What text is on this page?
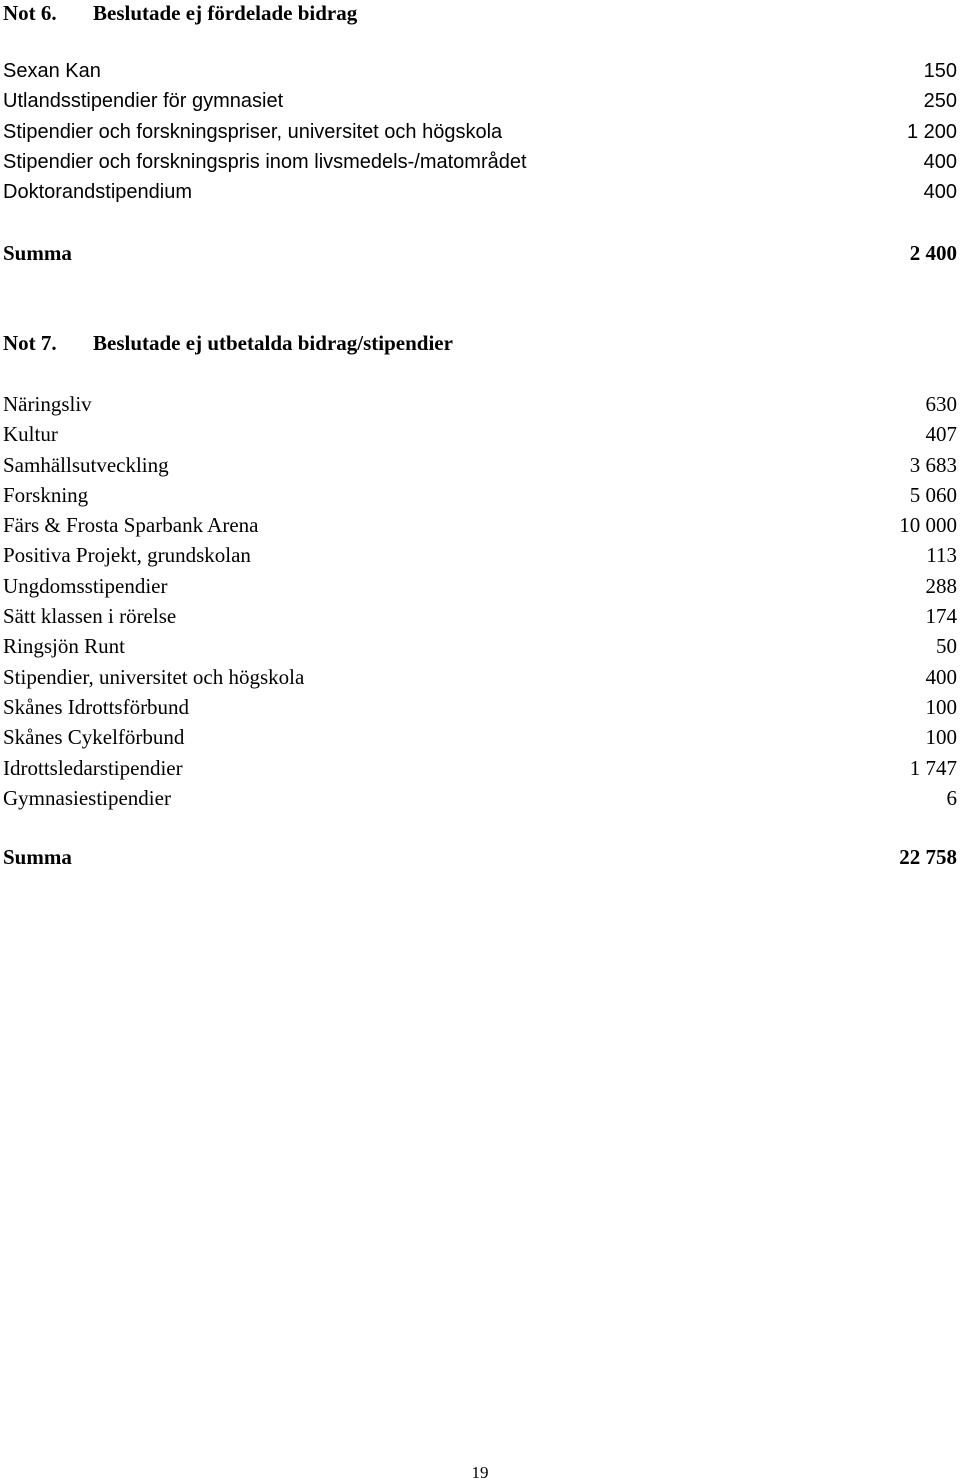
Not 6. Beslutade ej fördelade bidrag
Sexan Kan	150
Utlandsstipendier för gymnasiet	250
Stipendier och forskningspriser, universitet och högskola	1 200
Stipendier och forskningspris inom livsmedels-/matområdet	400
Doktorandstipendium	400
Summa	2 400
Not 7. Beslutade ej utbetalda bidrag/stipendier
Näringsliv	630
Kultur	407
Samhällsutveckling	3 683
Forskning	5 060
Färs & Frosta Sparbank Arena	10 000
Positiva Projekt, grundskolan	113
Ungdomsstipendier	288
Sätt klassen i rörelse	174
Ringsjön Runt	50
Stipendier, universitet och högskola	400
Skånes Idrottsförbund	100
Skånes Cykelförbund	100
Idrottsledarstipendier	1 747
Gymnasiestipendier	6
Summa	22 758
19
